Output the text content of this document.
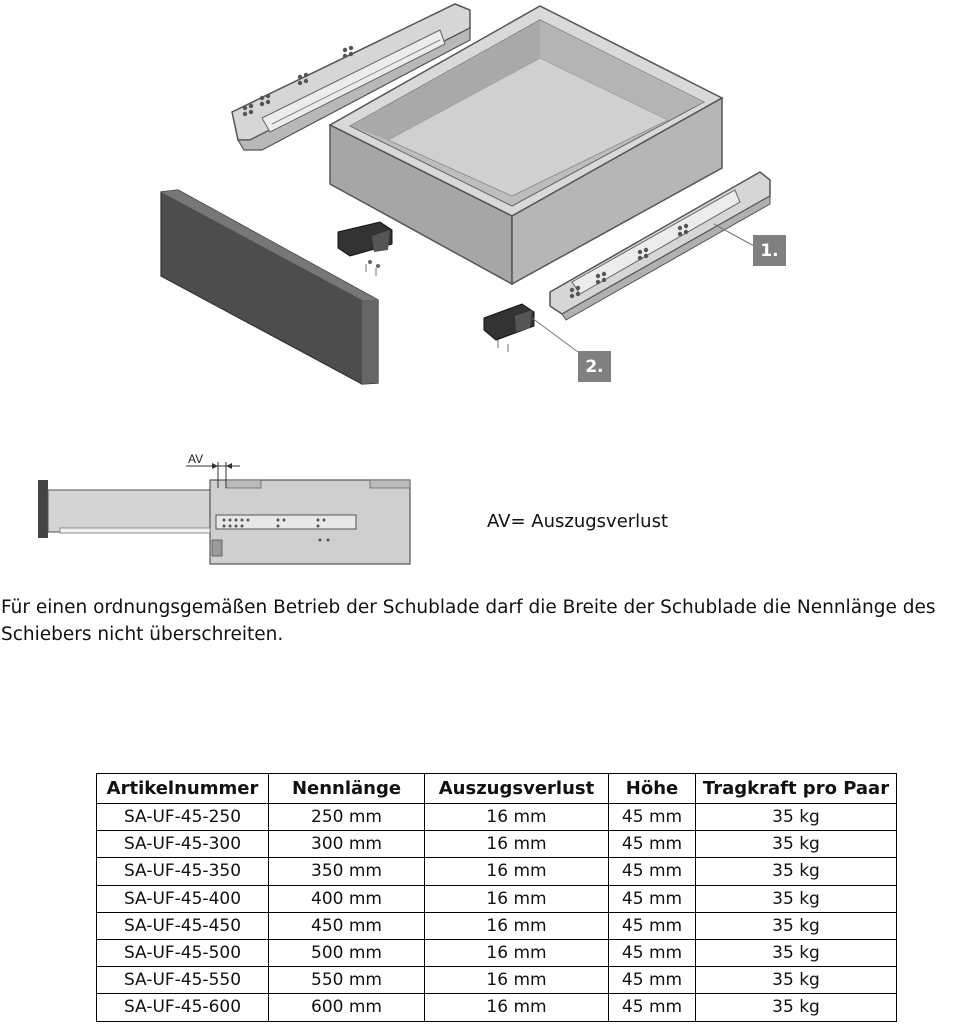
1.
2.
AV
AV= Auszugsverlust
Für einen ordnungsgemäßen Betrieb der Schublade darf die Breite der Schublade die Nennlänge des Schiebers nicht überschreiten.
Artikelnummer	Nennlänge	Auszugsverlust	Höhe	Tragkraft pro Paar
SA-UF-45-250	250 mm	16 mm	45 mm	35 kg
SA-UF-45-300	300 mm	16 mm	45 mm	35 kg
SA-UF-45-350	350 mm	16 mm	45 mm	35 kg
SA-UF-45-400	400 mm	16 mm	45 mm	35 kg
SA-UF-45-450	450 mm	16 mm	45 mm	35 kg
SA-UF-45-500	500 mm	16 mm	45 mm	35 kg
SA-UF-45-550	550 mm	16 mm	45 mm	35 kg
SA-UF-45-600	600 mm	16 mm	45 mm	35 kg
